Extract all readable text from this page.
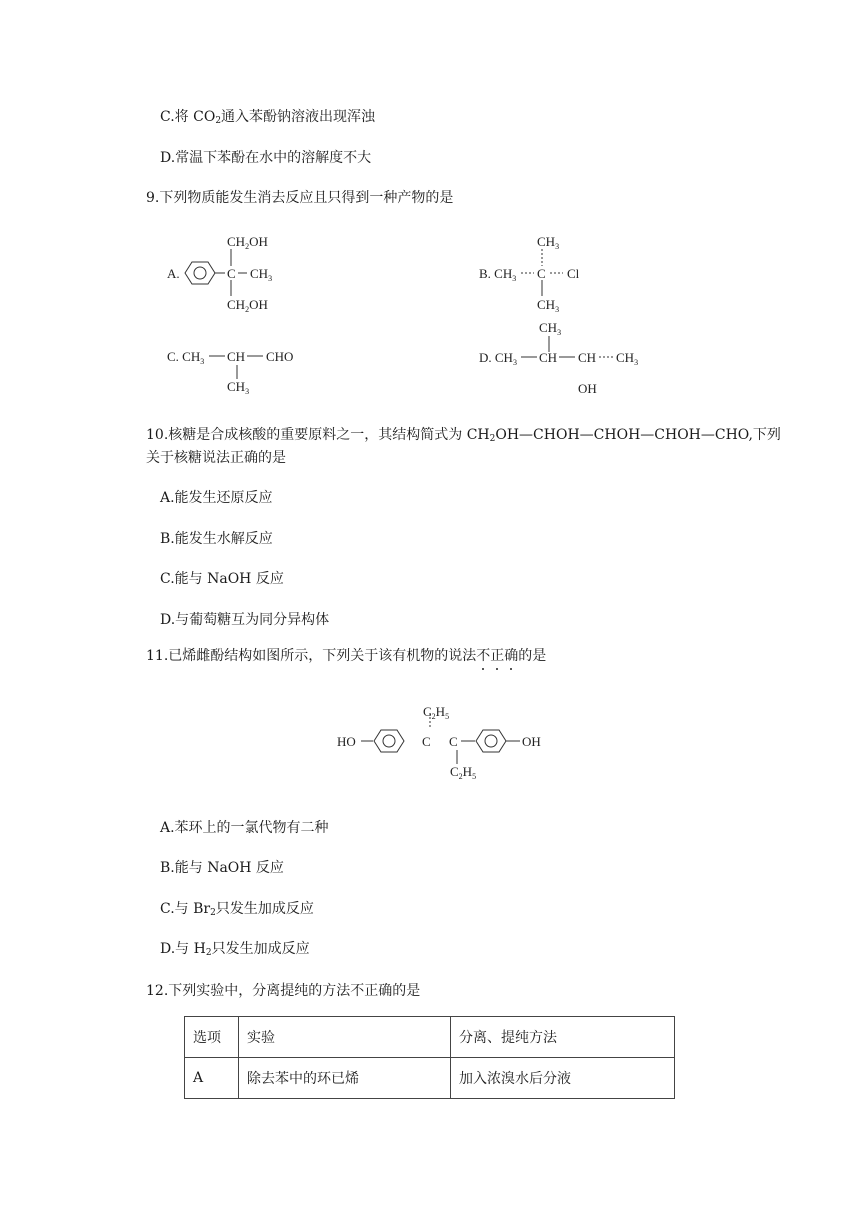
C.将 $CO_2$通入苯酚钠溶液出现浑浊
D.常温下苯酚在水中的溶解度不大
9.下列物质能发生消去反应且只得到一种产物的是
A.	C
$CH_2OH$
$CH_3$
$CH_2OH$
B. $CH_3$ C
$CH_3$
Cl
$CH_3$
C. $CH_3$ CH CHO
$CH_3$
$CH_3$
D. $CH_3$ CH CH $CH_3$
OH
10.核糖是合成核酸的重要原料之一，其结构简式为 $CH_2OH—CHOH—CHOH—CHOH—CHO$,下列
关于核糖说法正确的是
A.能发生还原反应
B.能发生水解反应
C.能与 NaOH 反应
D.与葡萄糖互为同分异构体
11.已烯雌酚结构如图所示，下列关于该有机物的说法不正确的是
HO	C
$C_2H_5$
C
$C_2H_5$
OH
A.苯环上的一氯代物有二种
B.能与 NaOH 反应
C.与 $Br_2$只发生加成反应
D.与 $H_2$只发生加成反应
12.下列实验中，分离提纯的方法不正确的是
选项	实验	分离、提纯方法
A	除去苯中的环已烯	加入浓溴水后分液
